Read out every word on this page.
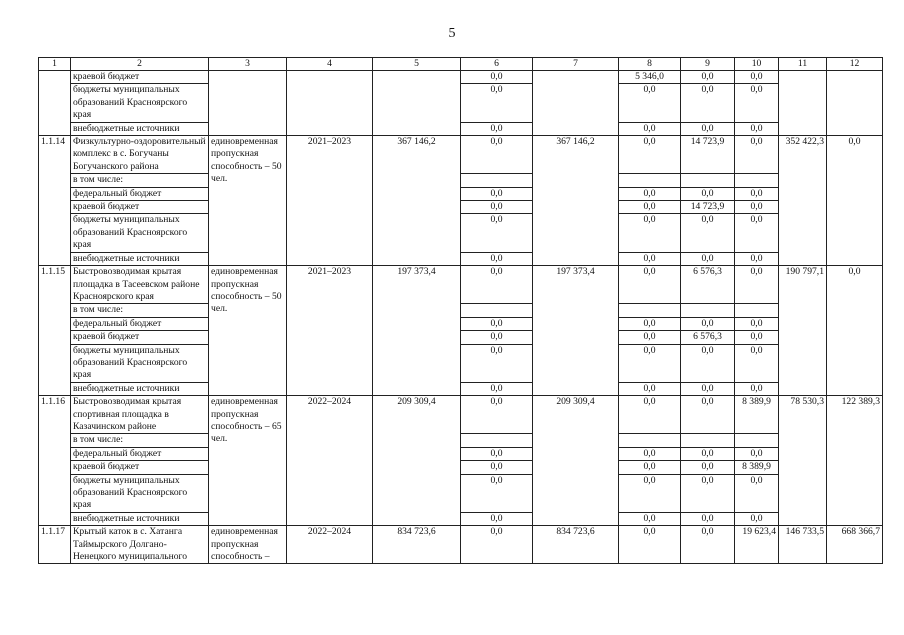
5
1	2	3	4	5	6	7	8	9	10	11	12
	краевой бюджет				0,0		5 346,0	0,0	0,0		
	бюджеты муниципальных образований Красноярского края				0,0		0,0	0,0	0,0		
	внебюджетные источники				0,0		0,0	0,0	0,0		
1.1.14	Физкультурно-оздоровительный комплекс в с. Богучаны Богучанского района	единовременная пропускная способность – 50 чел.	2021–2023	367 146,2	0,0	367 146,2	0,0	14 723,9	0,0	352 422,3	0,0
	в том числе:										
	федеральный бюджет				0,0		0,0	0,0	0,0		
	краевой бюджет				0,0		0,0	14 723,9	0,0		
	бюджеты муниципальных образований Красноярского края				0,0		0,0	0,0	0,0		
	внебюджетные источники				0,0		0,0	0,0	0,0		
1.1.15	Быстровозводимая крытая площадка в Тасеевском районе Красноярского края	единовременная пропускная способность – 50 чел.	2021–2023	197 373,4	0,0	197 373,4	0,0	6 576,3	0,0	190 797,1	0,0
	в том числе:										
	федеральный бюджет				0,0		0,0	0,0	0,0		
	краевой бюджет				0,0		0,0	6 576,3	0,0		
	бюджеты муниципальных образований Красноярского края				0,0		0,0	0,0	0,0		
	внебюджетные источники				0,0		0,0	0,0	0,0		
1.1.16	Быстровозводимая крытая спортивная площадка в Казачинском районе	единовременная пропускная способность – 65 чел.	2022–2024	209 309,4	0,0	209 309,4	0,0	0,0	8 389,9	78 530,3	122 389,3
	в том числе:										
	федеральный бюджет				0,0		0,0	0,0	0,0		
	краевой бюджет				0,0		0,0	0,0	8 389,9		
	бюджеты муниципальных образований Красноярского края				0,0		0,0	0,0	0,0		
	внебюджетные источники				0,0		0,0	0,0	0,0		
1.1.17	Крытый каток в с. Хатанга Таймырского Долгано-Ненецкого муниципального	единовременная пропускная способность –	2022–2024	834 723,6	0,0	834 723,6	0,0	0,0	19 623,4	146 733,5	668 366,7
